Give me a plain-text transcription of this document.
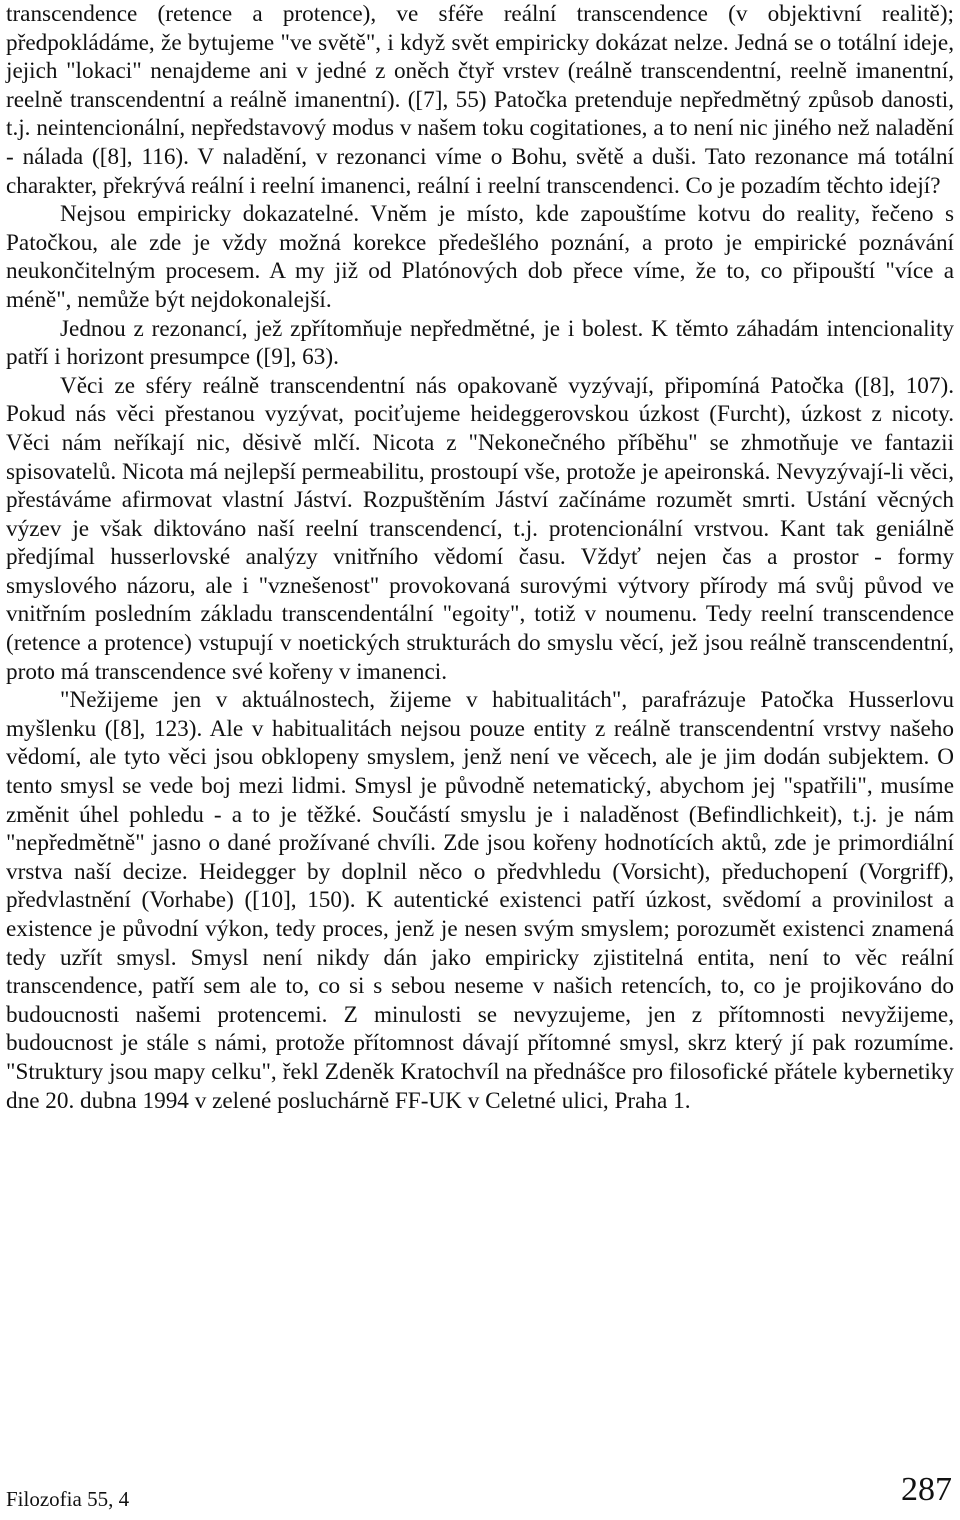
transcendence (retence a protence), ve sféře reální transcendence (v objektivní realitě); předpokládáme, že bytujeme "ve světě", i když svět empiricky dokázat nelze. Jedná se o totální ideje, jejich "lokaci" nenajdeme ani v jedné z oněch čtyř vrstev (reálně transcendentní, reelně imanentní, reelně transcendentní a reálně imanentní). ([7], 55) Patočka pretenduje nepředmětný způsob danosti, t.j. neintencionální, nepředstavový modus v našem toku cogitationes, a to není nic jiného než naladění - nálada ([8], 116). V naladění, v rezonanci víme o Bohu, světě a duši. Tato rezonance má totální charakter, překrývá reální i reelní imanenci, reální i reelní transcendenci. Co je pozadím těchto idejí?

Nejsou empiricky dokazatelné. Vněm je místo, kde zapouštíme kotvu do reality, řečeno s Patočkou, ale zde je vždy možná korekce předešlého poznání, a proto je empirické poznávání neukončitelným procesem. A my již od Platónových dob přece víme, že to, co připouští "více a méně", nemůže být nejdokonalejší.

Jednou z rezonancí, jež zpřítomňuje nepředmětné, je i bolest. K těmto záhadám intencionality patří i horizont presumpce ([9], 63).

Věci ze sféry reálně transcendentní nás opakovaně vyzývají, připomíná Patočka ([8], 107). Pokud nás věci přestanou vyzývat, pociťujeme heideggerovskou úzkost (Furcht), úzkost z nicoty. Věci nám neříkají nic, děsivě mlčí. Nicota z "Nekonečného příběhu" se zhmotňuje ve fantazii spisovatelů. Nicota má nejlepší permeabilitu, prostoupí vše, protože je apeironská. Nevyzývají-li věci, přestáváme afirmovat vlastní Jáství. Rozpuštěním Jáství začínáme rozumět smrti. Ustání věcných výzev je však diktováno naší reelní transcendencí, t.j. protencionální vrstvou. Kant tak geniálně předjímal husserlovské analýzy vnitřního vědomí času. Vždyť nejen čas a prostor - formy smyslového názoru, ale i "vznešenost" provokovaná surovými výtvory přírody má svůj původ ve vnitřním posledním základu transcendentální "egoity", totiž v noumenu. Tedy reelní transcendence (retence a protence) vstupují v noetických strukturách do smyslu věcí, jež jsou reálně transcendentní, proto má transcendence své kořeny v imanenci.

"Nežijeme jen v aktuálnostech, žijeme v habitualitách", parafrázuje Patočka Husserlovu myšlenku ([8], 123). Ale v habitualitách nejsou pouze entity z reálně transcendentní vrstvy našeho vědomí, ale tyto věci jsou obklopeny smyslem, jenž není ve věcech, ale je jim dodán subjektem. O tento smysl se vede boj mezi lidmi. Smysl je původně netematický, abychom jej "spatřili", musíme změnit úhel pohledu - a to je těžké. Součástí smyslu je i naladěnost (Befindlichkeit), t.j. je nám "nepředmětně" jasno o dané prožívané chvíli. Zde jsou kořeny hodnotících aktů, zde je primordiální vrstva naší decize. Heidegger by doplnil něco o předvhledu (Vorsicht), předuchopení (Vorgriff), předvlastnění (Vorhabe) ([10], 150). K autentické existenci patří úzkost, svědomí a provinilost a existence je původní výkon, tedy proces, jenž je nesen svým smyslem; porozumět existenci znamená tedy uzřít smysl. Smysl není nikdy dán jako empiricky zjistitelná entita, není to věc reální transcendence, patří sem ale to, co si s sebou neseme v našich retencích, to, co je projikováno do budoucnosti našemi protencemi. Z minulosti se nevyzujeme, jen z přítomnosti nevyžijeme, budoucnost je stále s námi, protože přítomnost dávají přítomné smysl, skrz který jí pak rozumíme. "Struktury jsou mapy celku", řekl Zdeněk Kratochvíl na přednášce pro filosofické přátele kybernetiky dne 20. dubna 1994 v zelené posluchárně FF-UK v Celetné ulici, Praha 1.

Filozofia 55, 4	287
